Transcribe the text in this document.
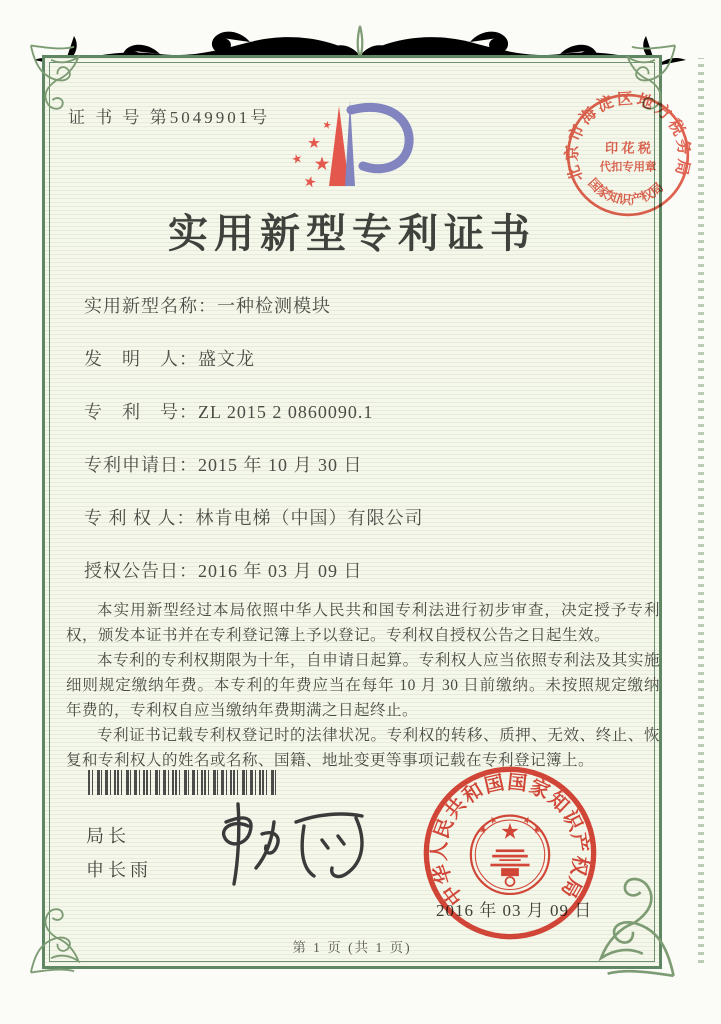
证 书 号 第5049901号
北京市海淀区地方税务局
国家知识产权局
印 花 税
代扣专用章
实用新型专利证书
实用新型名称：一种检测模块
发　明　人：盛文龙
专　利　号：ZL 2015 2 0860090.1
专利申请日：2015 年 10 月 30 日
专 利 权 人：林肯电梯（中国）有限公司
授权公告日：2016 年 03 月 09 日

本实用新型经过本局依照中华人民共和国专利法进行初步审查，决定授予专利权，颁发本证书并在专利登记簿上予以登记。专利权自授权公告之日起生效。

本专利的专利权期限为十年，自申请日起算。专利权人应当依照专利法及其实施细则规定缴纳年费。本专利的年费应当在每年 10 月 30 日前缴纳。未按照规定缴纳年费的，专利权自应当缴纳年费期满之日起终止。

专利证书记载专利权登记时的法律状况。专利权的转移、质押、无效、终止、恢复和专利权人的姓名或名称、国籍、地址变更等事项记载在专利登记簿上。

局长
申长雨
2016 年 03 月 09 日
中华人民共和国国家知识产权局
第 1 页 (共 1 页)
